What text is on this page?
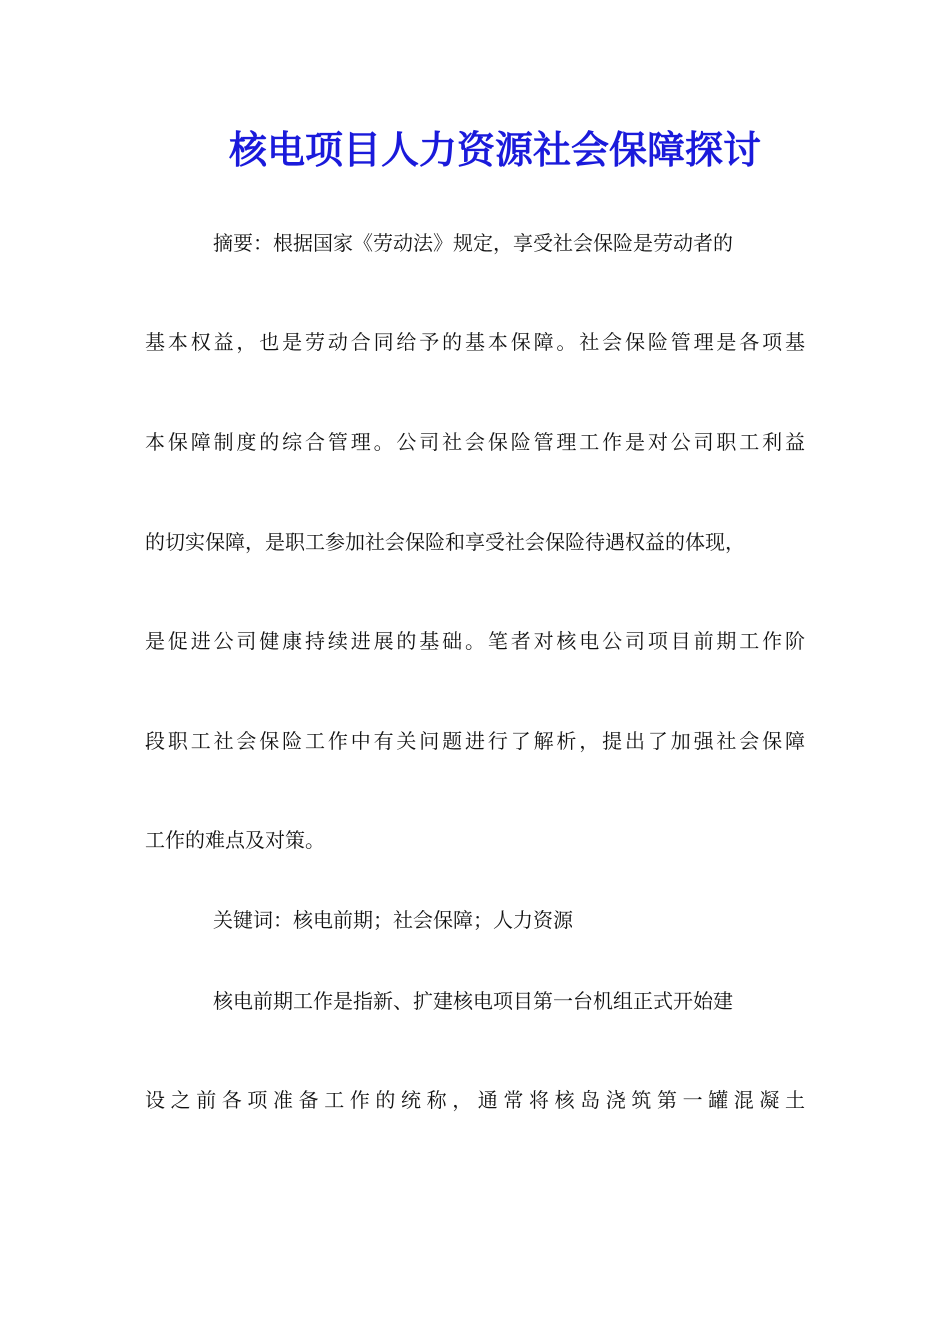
核电项目人力资源社会保障探讨
摘要：根据国家《劳动法》规定，享受社会保险是劳动者的
基本权益，也是劳动合同给予的基本保障。社会保险管理是各项基
本保障制度的综合管理。公司社会保险管理工作是对公司职工利益
的切实保障，是职工参加社会保险和享受社会保险待遇权益的体现，
是促进公司健康持续进展的基础。笔者对核电公司项目前期工作阶
段职工社会保险工作中有关问题进行了解析，提出了加强社会保障
工作的难点及对策。
关键词：核电前期；社会保障；人力资源
核电前期工作是指新、扩建核电项目第一台机组正式开始建
设之前各项准备工作的统称，通常将核岛浇筑第一罐混凝土
